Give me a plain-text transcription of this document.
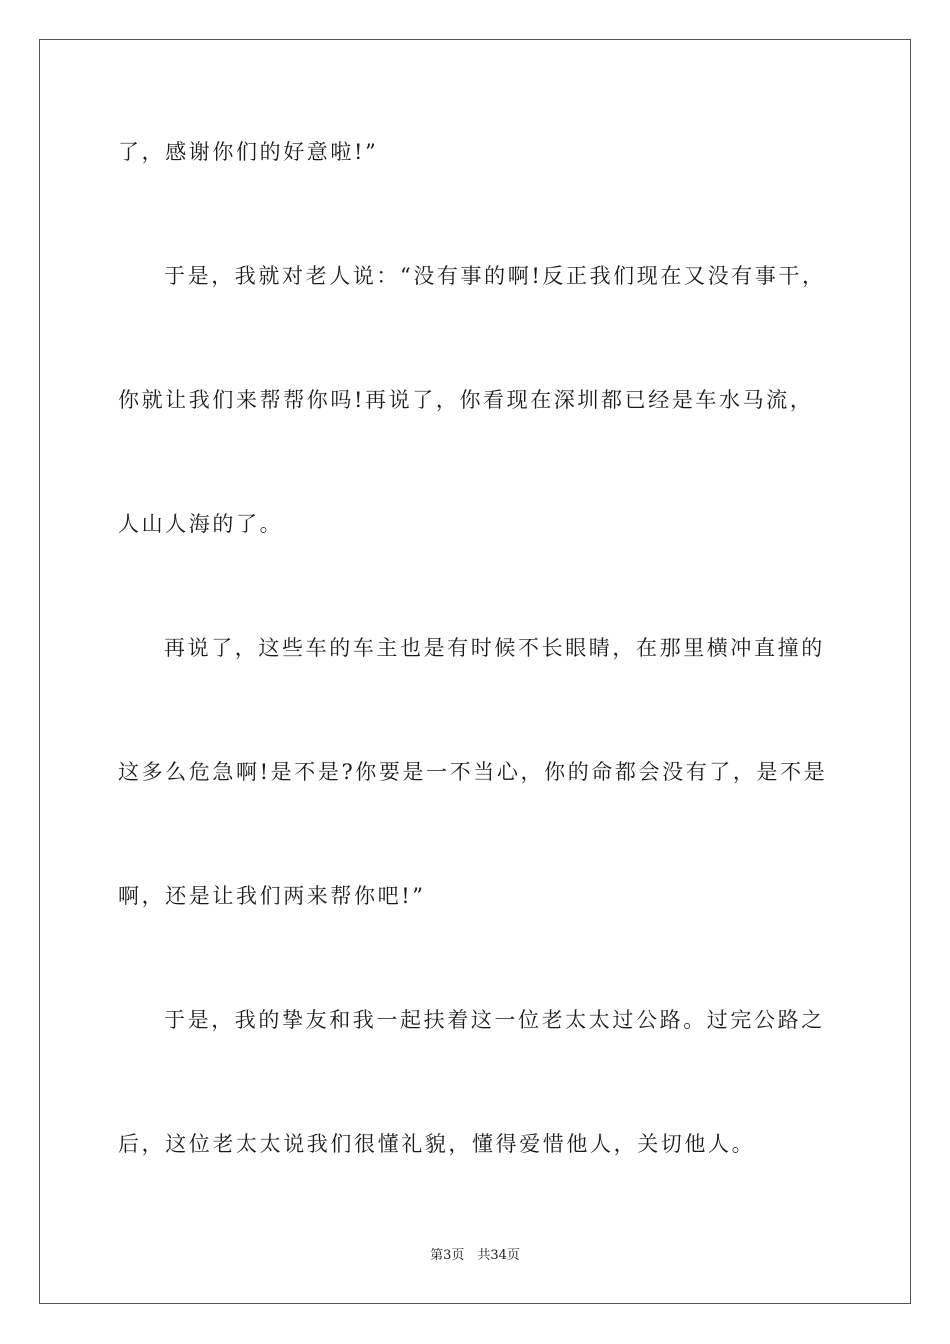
了，感谢你们的好意啦!”
于是，我就对老人说：“没有事的啊!反正我们现在又没有事干，
你就让我们来帮帮你吗!再说了，你看现在深圳都已经是车水马流，
人山人海的了。
再说了，这些车的车主也是有时候不长眼睛，在那里横冲直撞的
这多么危急啊!是不是?你要是一不当心，你的命都会没有了，是不是
啊，还是让我们两来帮你吧!”
于是，我的挚友和我一起扶着这一位老太太过公路。过完公路之
后，这位老太太说我们很懂礼貌，懂得爱惜他人，关切他人。
第3页　共34页
